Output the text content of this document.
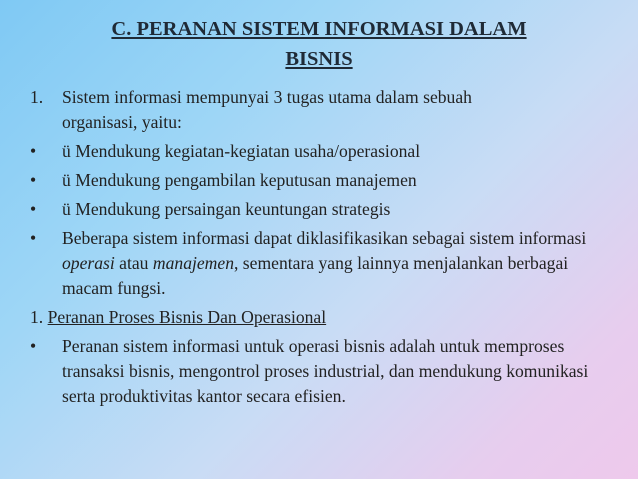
C. PERANAN SISTEM INFORMASI DALAM
BISNIS
1. Sistem informasi mempunyai 3 tugas utama dalam sebuah
organisasi, yaitu:
• ü Mendukung kegiatan-kegiatan usaha/operasional
• ü Mendukung pengambilan keputusan manajemen
• ü Mendukung persaingan keuntungan strategis
• Beberapa sistem informasi dapat diklasifikasikan sebagai sistem informasi operasi atau manajemen, sementara yang lainnya menjalankan berbagai macam fungsi.
1. Peranan Proses Bisnis Dan Operasional
• Peranan sistem informasi untuk operasi bisnis adalah untuk memproses transaksi bisnis, mengontrol proses industrial, dan mendukung komunikasi serta produktivitas kantor secara efisien.
